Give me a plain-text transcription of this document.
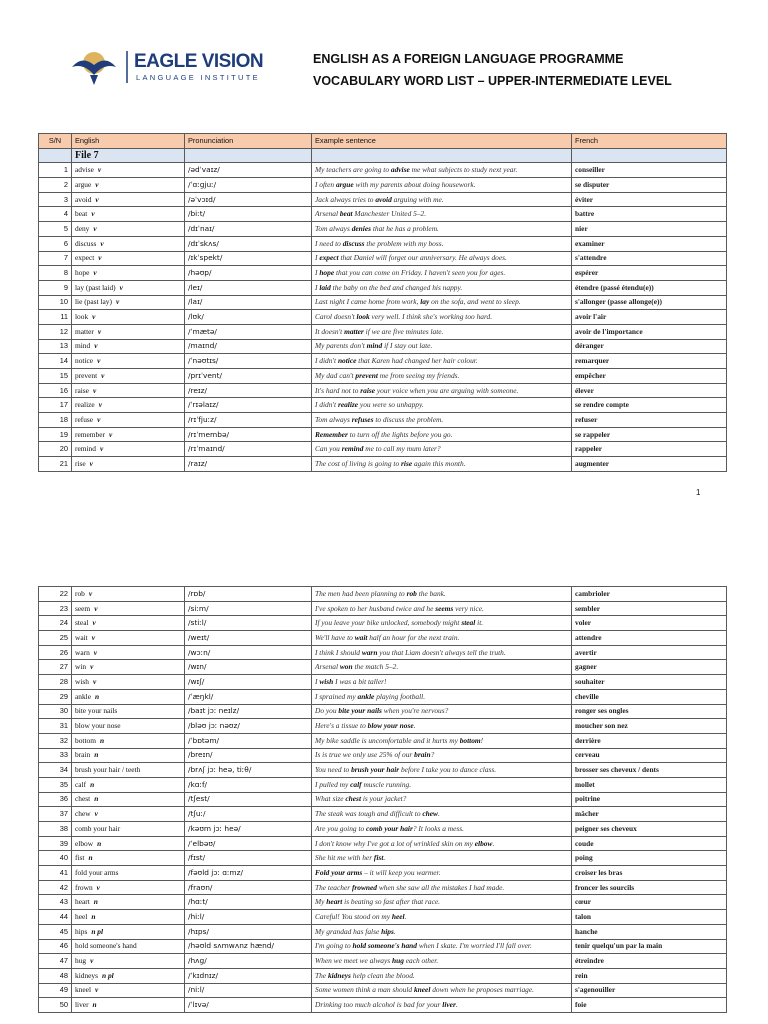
EAGLE VISION
LANGUAGE INSTITUTE
ENGLISH AS A FOREIGN LANGUAGE PROGRAMME
VOCABULARY WORD LIST – UPPER-INTERMEDIATE LEVEL
S/N	English	Pronunciation	Example sentence	French
	File 7			
1	advise v	/ədˈvaɪz/	My teachers are going to advise me what subjects to study next year.	conseiller
2	argue v	/ˈɑːɡjuː/	I often argue with my parents about doing housework.	se disputer
3	avoid v	/əˈvɔɪd/	Jack always tries to avoid arguing with me.	éviter
4	beat v	/biːt/	Arsenal beat Manchester United 5–2.	battre
5	deny v	/dɪˈnaɪ/	Tom always denies that he has a problem.	nier
6	discuss v	/dɪˈskʌs/	I need to discuss the problem with my boss.	examiner
7	expect v	/ɪkˈspekt/	I expect that Daniel will forget our anniversary. He always does.	s'attendre
8	hope v	/həʊp/	I hope that you can come on Friday. I haven't seen you for ages.	espérer
9	lay (past laid) v	/leɪ/	I laid the baby on the bed and changed his nappy.	étendre (passé étendu(e))
10	lie (past lay) v	/laɪ/	Last night I came home from work, lay on the sofa, and went to sleep.	s'allonger (passe allonge(e))
11	look v	/lʊk/	Carol doesn't look very well. I think she's working too hard.	avoir l'air
12	matter v	/ˈmætə/	It doesn't matter if we are five minutes late.	avoir de l'importance
13	mind v	/maɪnd/	My parents don't mind if I stay out late.	déranger
14	notice v	/ˈnəʊtɪs/	I didn't notice that Karen had changed her hair colour.	remarquer
15	prevent v	/prɪˈvent/	My dad can't prevent me from seeing my friends.	empêcher
16	raise v	/reɪz/	It's hard not to raise your voice when you are arguing with someone.	élever
17	realize v	/ˈrɪəlaɪz/	I didn't realize you were so unhappy.	se rendre compte
18	refuse v	/rɪˈfjuːz/	Tom always refuses to discuss the problem.	refuser
19	remember v	/rɪˈmembə/	Remember to turn off the lights before you go.	se rappeler
20	remind v	/rɪˈmaɪnd/	Can you remind me to call my mum later?	rappeler
21	rise v	/raɪz/	The cost of living is going to rise again this month.	augmenter
1
22	rob v	/rɒb/	The men had been planning to rob the bank.	cambrioler
23	seem v	/siːm/	I've spoken to her husband twice and he seems very nice.	sembler
24	steal v	/stiːl/	If you leave your bike unlocked, somebody might steal it.	voler
25	wait v	/weɪt/	We'll have to wait half an hour for the next train.	attendre
26	warn v	/wɔːn/	I think I should warn you that Liam doesn't always tell the truth.	avertir
27	win v	/wɪn/	Arsenal won the match 5–2.	gagner
28	wish v	/wɪʃ/	I wish I was a bit taller!	souhaiter
29	ankle n	/ˈæŋkl/	I sprained my ankle playing football.	cheville
30	bite your nails	/baɪt jɔː neɪlz/	Do you bite your nails when you're nervous?	ronger ses ongles
31	blow your nose	/bləʊ jɔː nəʊz/	Here's a tissue to blow your nose.	moucher son nez
32	bottom n	/ˈbɒtəm/	My bike saddle is uncomfortable and it hurts my bottom!	derrière
33	brain n	/breɪn/	Is is true we only use 25% of our brain?	cerveau
34	brush your hair / teeth	/brʌʃ jɔː heə, tiːθ/	You need to brush your hair before I take you to dance class.	brosser ses cheveux / dents
35	calf n	/kɑːf/	I pulled my calf muscle running.	mollet
36	chest n	/tʃest/	What size chest is your jacket?	poitrine
37	chew v	/tʃuː/	The steak was tough and difficult to chew.	mâcher
38	comb your hair	/kəʊm jɔː heə/	Are you going to comb your hair? It looks a mess.	peigner ses cheveux
39	elbow n	/ˈelbəʊ/	I don't know why I've got a lot of wrinkled skin on my elbow.	coude
40	fist n	/fɪst/	She hit me with her fist.	poing
41	fold your arms	/fəʊld jɔː ɑːmz/	Fold your arms – it will keep you warmer.	croiser les bras
42	frown v	/fraʊn/	The teacher frowned when she saw all the mistakes I had made.	froncer les sourcils
43	heart n	/hɑːt/	My heart is beating so fast after that race.	cœur
44	heel n	/hiːl/	Careful! You stood on my heel.	talon
45	hips n pl	/hɪps/	My grandad has false hips.	hanche
46	hold someone's hand	/həʊld sʌmwʌnz hænd/	I'm going to hold someone's hand when I skate. I'm worried I'll fall over.	tenir quelqu'un par la main
47	hug v	/hʌɡ/	When we meet we always hug each other.	étreindre
48	kidneys n pl	/ˈkɪdnɪz/	The kidneys help clean the blood.	rein
49	kneel v	/niːl/	Some women think a man should kneel down when he proposes marriage.	s'agenouiller
50	liver n	/ˈlɪvə/	Drinking too much alcohol is bad for your liver.	foie
